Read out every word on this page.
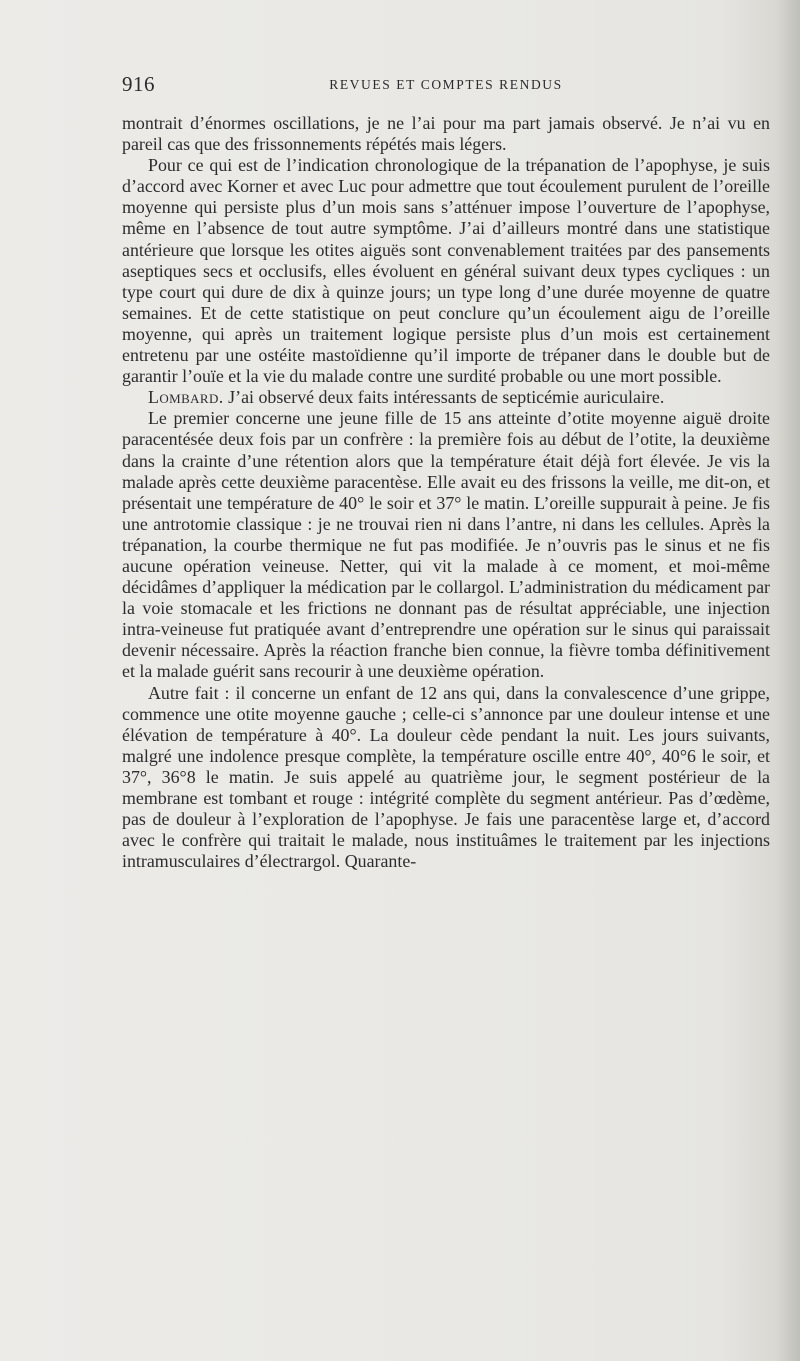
916	REVUES ET COMPTES RENDUS

montrait d’énormes oscillations, je ne l’ai pour ma part jamais observé. Je n’ai vu en pareil cas que des frissonnements répétés mais légers.

Pour ce qui est de l’indication chronologique de la trépanation de l’apophyse, je suis d’accord avec Korner et avec Luc pour admettre que tout écoulement purulent de l’oreille moyenne qui persiste plus d’un mois sans s’atténuer impose l’ouverture de l’apophyse, même en l’absence de tout autre symptôme. J’ai d’ailleurs montré dans une statistique antérieure que lorsque les otites aiguës sont convenablement traitées par des pansements aseptiques secs et occlusifs, elles évoluent en général suivant deux types cycliques : un type court qui dure de dix à quinze jours; un type long d’une durée moyenne de quatre semaines. Et de cette statistique on peut conclure qu’un écoulement aigu de l’oreille moyenne, qui après un traitement logique persiste plus d’un mois est certainement entretenu par une ostéite mastoïdienne qu’il importe de trépaner dans le double but de garantir l’ouïe et la vie du malade contre une surdité probable ou une mort possible.

Lombard. J’ai observé deux faits intéressants de septicémie auriculaire.

Le premier concerne une jeune fille de 15 ans atteinte d’otite moyenne aiguë droite paracentésée deux fois par un confrère : la première fois au début de l’otite, la deuxième dans la crainte d’une rétention alors que la température était déjà fort élevée. Je vis la malade après cette deuxième paracentèse. Elle avait eu des frissons la veille, me dit-on, et présentait une température de 40° le soir et 37° le matin. L’oreille suppurait à peine. Je fis une antrotomie classique : je ne trouvai rien ni dans l’antre, ni dans les cellules. Après la trépanation, la courbe thermique ne fut pas modifiée. Je n’ouvris pas le sinus et ne fis aucune opération veineuse. Netter, qui vit la malade à ce moment, et moi-même décidâmes d’appliquer la médication par le collargol. L’administration du médicament par la voie stomacale et les frictions ne donnant pas de résultat appréciable, une injection intra-veineuse fut pratiquée avant d’entreprendre une opération sur le sinus qui paraissait devenir nécessaire. Après la réaction franche bien connue, la fièvre tomba définitivement et la malade guérit sans recourir à une deuxième opération.

Autre fait : il concerne un enfant de 12 ans qui, dans la convalescence d’une grippe, commence une otite moyenne gauche ; celle-ci s’annonce par une douleur intense et une élévation de température à 40°. La douleur cède pendant la nuit. Les jours suivants, malgré une indolence presque complète, la température oscille entre 40°, 40°6 le soir, et 37°, 36°8 le matin. Je suis appelé au quatrième jour, le segment postérieur de la membrane est tombant et rouge : intégrité complète du segment antérieur. Pas d’œdème, pas de douleur à l’exploration de l’apophyse. Je fais une paracentèse large et, d’accord avec le confrère qui traitait le malade, nous instituâmes le traitement par les injections intramusculaires d’électrargol. Quarante-
